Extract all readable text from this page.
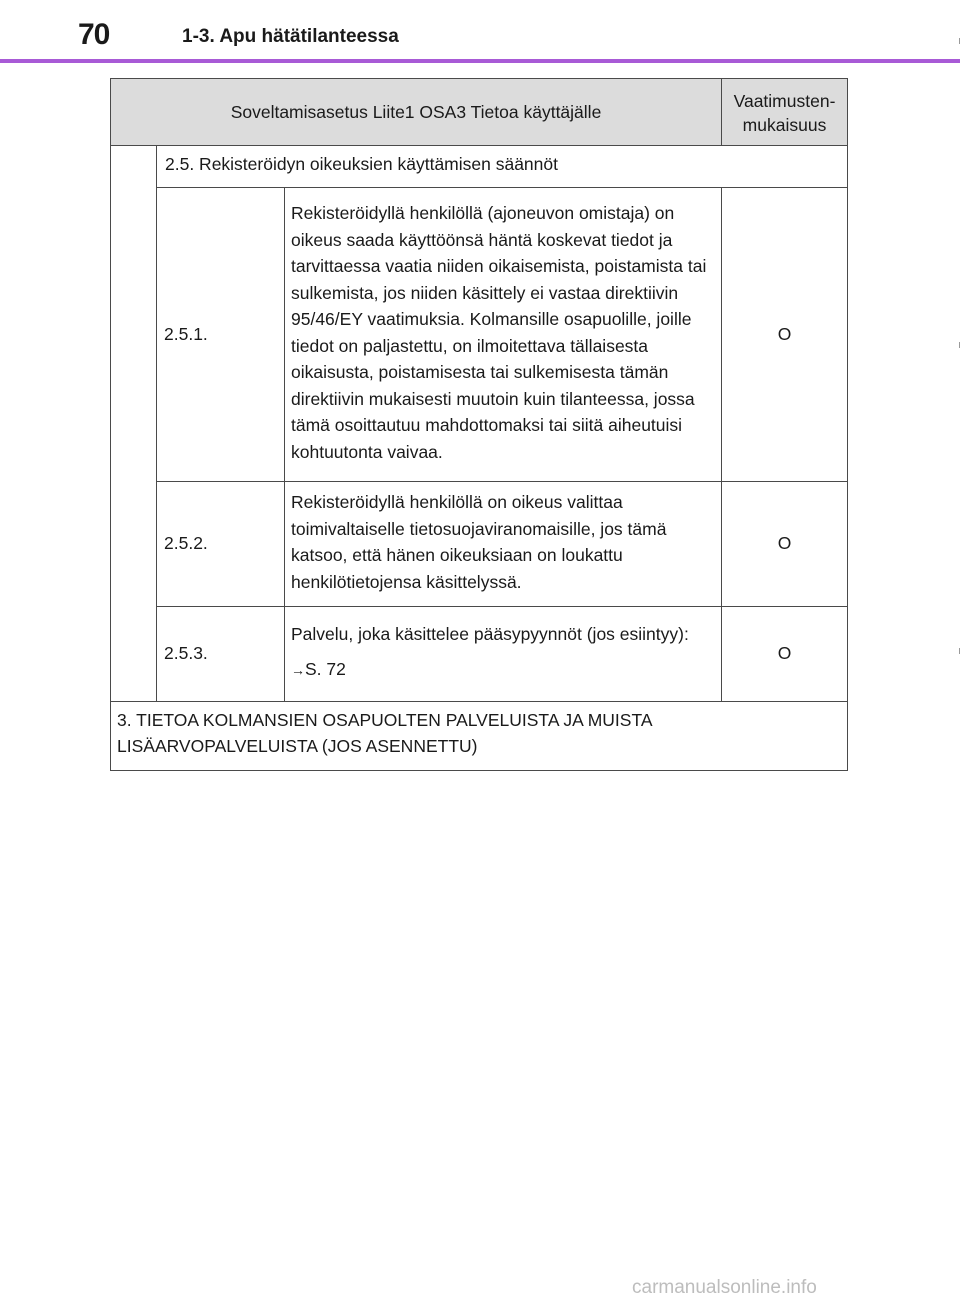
70	1-3. Apu hätätilanteessa
Soveltamisasetus Liite1 OSA3 Tietoa käyttäjälle			Vaatimusten-
mukaisuus
	2.5. Rekisteröidyn oikeuksien käyttämisen säännöt		
	2.5.1.	Rekisteröidyllä henkilöllä (ajoneuvon omistaja) on oikeus saada käyttöönsä häntä koskevat tiedot ja tarvittaessa vaatia niiden oikaisemista, poistamista tai sulkemista, jos niiden käsittely ei vastaa direktiivin 95/46/EY vaatimuksia. Kolmansille osapuolille, joille tiedot on paljastettu, on ilmoitettava tällaisesta oikaisusta, poistamisesta tai sulkemisesta tämän direktiivin mukaisesti muutoin kuin tilanteessa, jossa tämä osoittautuu mahdottomaksi tai siitä aiheutuisi kohtuutonta vaivaa.	O
	2.5.2.	Rekisteröidyllä henkilöllä on oikeus valittaa toimivaltaiselle tietosuojaviranomaisille, jos tämä katsoo, että hänen oikeuksiaan on loukattu henkilötietojensa käsittelyssä.	O
	2.5.3.	Palvelu, joka käsittelee pääsypyynnöt (jos esiintyy):
→S. 72	O
3. TIETOA KOLMANSIEN OSAPUOLTEN PALVELUISTA JA MUISTA LISÄARVOPALVELUISTA (JOS ASENNETTU)			
carmanualsonline.info
